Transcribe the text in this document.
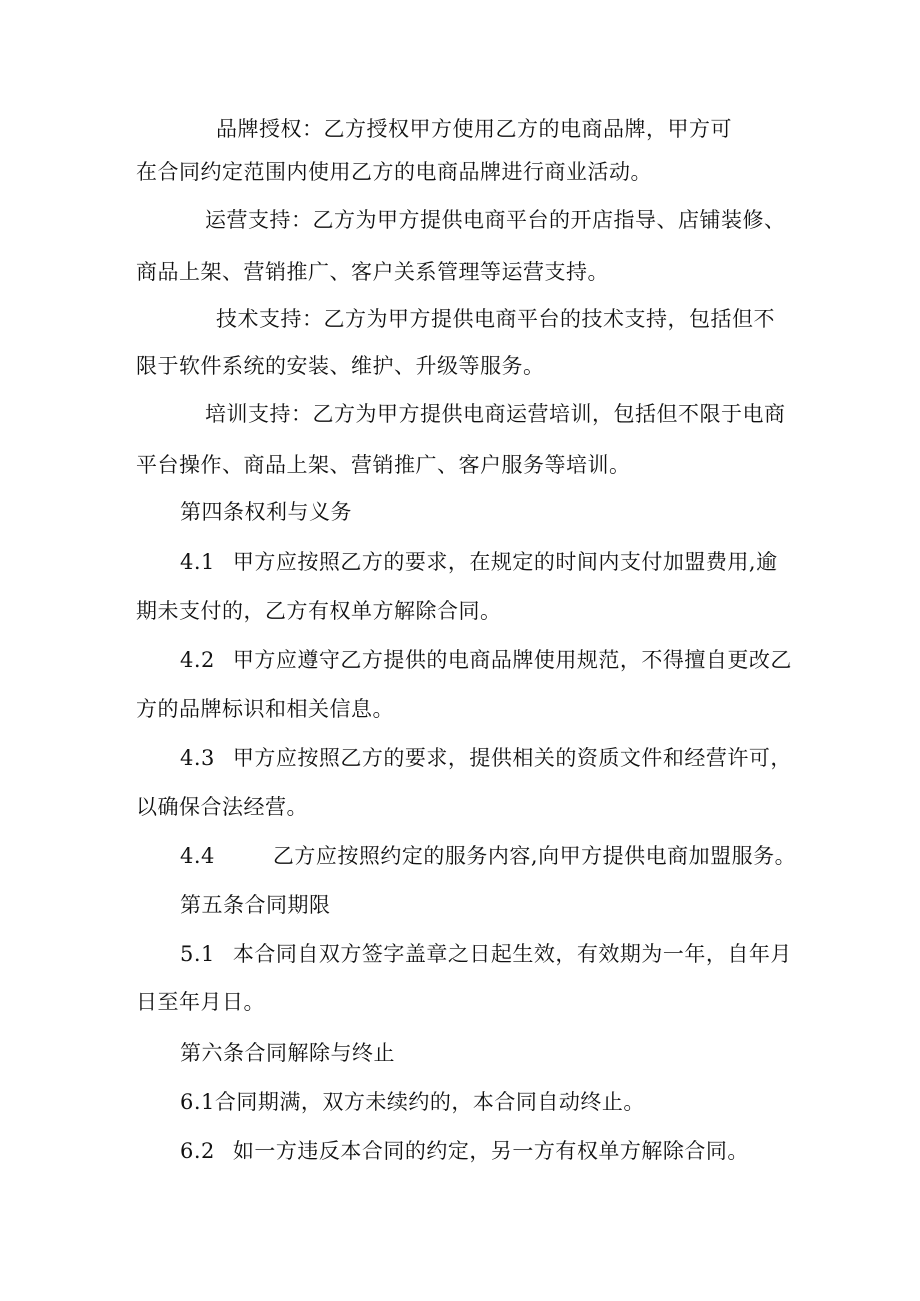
品牌授权：乙方授权甲方使用乙方的电商品牌，甲方可
在合同约定范围内使用乙方的电商品牌进行商业活动。
运营支持：乙方为甲方提供电商平台的开店指导、店铺装修、
商品上架、营销推广、客户关系管理等运营支持。
技术支持：乙方为甲方提供电商平台的技术支持，包括但不
限于软件系统的安装、维护、升级等服务。
培训支持：乙方为甲方提供电商运营培训，包括但不限于电商
平台操作、商品上架、营销推广、客户服务等培训。
第四条权利与义务
4.1 甲方应按照乙方的要求，在规定的时间内支付加盟费用,逾
期未支付的，乙方有权单方解除合同。
4.2 甲方应遵守乙方提供的电商品牌使用规范，不得擅自更改乙
方的品牌标识和相关信息。
4.3 甲方应按照乙方的要求，提供相关的资质文件和经营许可，
以确保合法经营。
4.4	乙方应按照约定的服务内容,向甲方提供电商加盟服务。
第五条合同期限
5.1 本合同自双方签字盖章之日起生效，有效期为一年，自年月
日至年月日。
第六条合同解除与终止
6.1合同期满，双方未续约的，本合同自动终止。
6.2 如一方违反本合同的约定，另一方有权单方解除合同。
